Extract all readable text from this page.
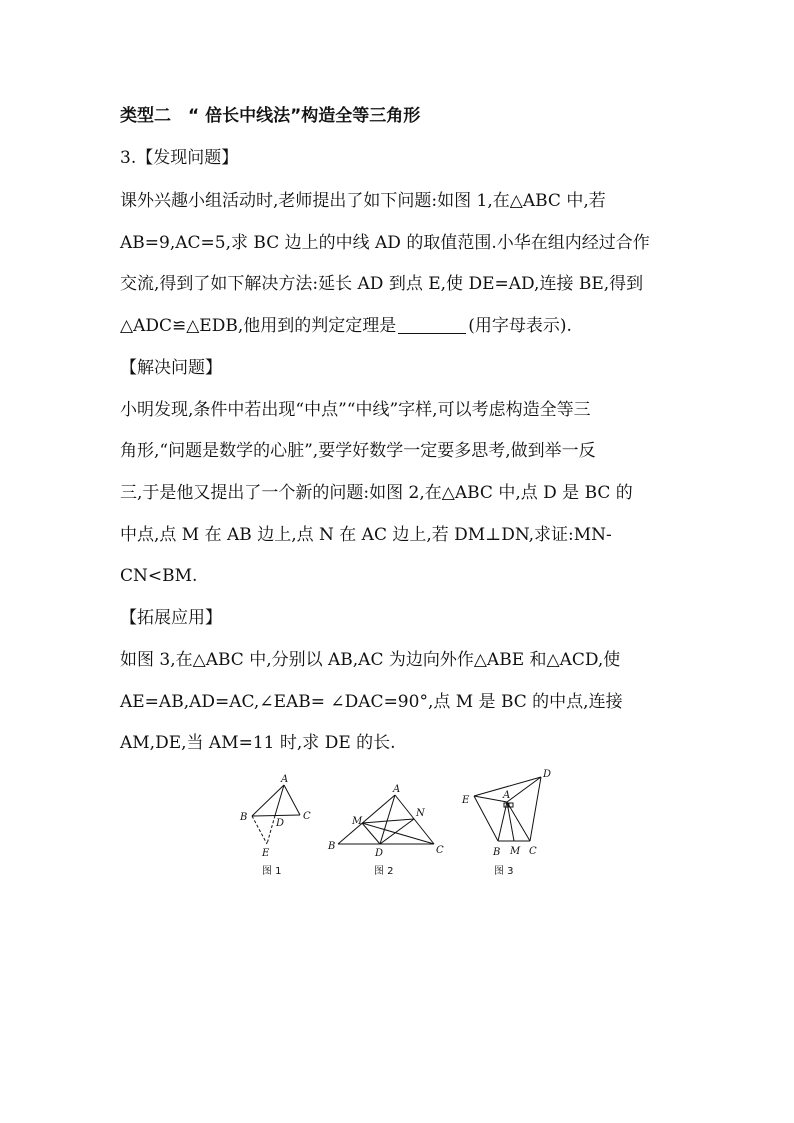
类型二　“ 倍长中线法”构造全等三角形
3.【发现问题】
课外兴趣小组活动时,老师提出了如下问题:如图 1,在△ABC 中,若
AB=9,AC=5,求 BC 边上的中线 AD 的取值范围.小华在组内经过合作
交流,得到了如下解决方法:延长 AD 到点 E,使 DE=AD,连接 BE,得到
△ADC≌△EDB,他用到的判定定理是	(用字母表示).
【解决问题】
小明发现,条件中若出现“中点”“中线”字样,可以考虑构造全等三
角形,“问题是数学的心脏”,要学好数学一定要多思考,做到举一反
三,于是他又提出了一个新的问题:如图 2,在△ABC 中,点 D 是 BC 的
中点,点 M 在 AB 边上,点 N 在 AC 边上,若 DM⊥DN,求证:MN-
CN<BM.
【拓展应用】
如图 3,在△ABC 中,分别以 AB,AC 为边向外作△ABE 和△ACD,使
AE=AB,AD=AC,∠EAB= ∠DAC=90°,点 M 是 BC 的中点,连接
AM,DE,当 AM=11 时,求 DE 的长.
A
B	C
D
E
图 1
A
B	C
D
M
N
图 2
A
B	C
D
E
M
图 3
